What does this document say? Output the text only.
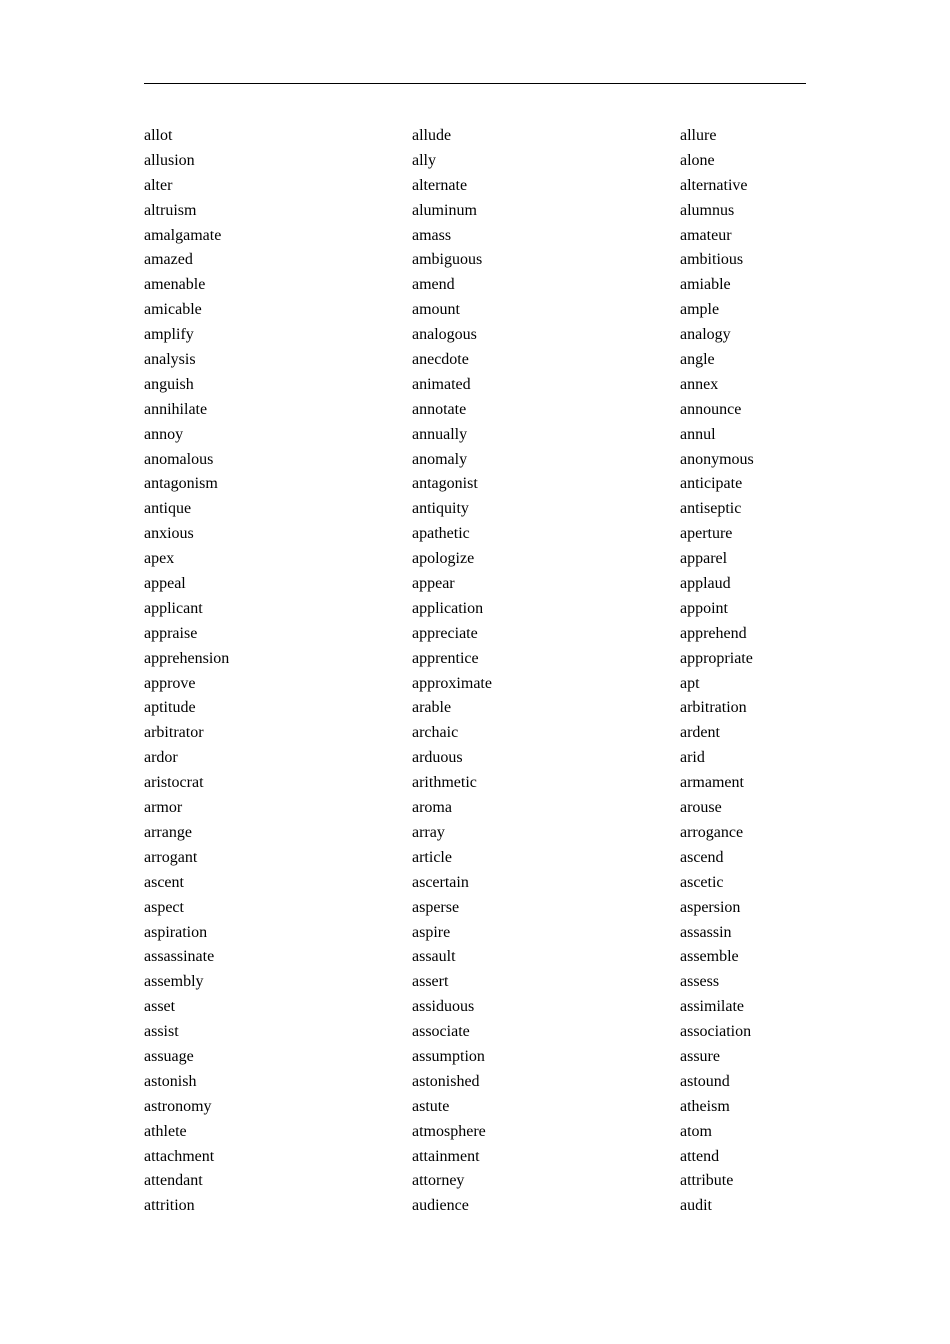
allot	allude	allure
allusion	ally	alone
alter	alternate	alternative
altruism	aluminum	alumnus
amalgamate	amass	amateur
amazed	ambiguous	ambitious
amenable	amend	amiable
amicable	amount	ample
amplify	analogous	analogy
analysis	anecdote	angle
anguish	animated	annex
annihilate	annotate	announce
annoy	annually	annul
anomalous	anomaly	anonymous
antagonism	antagonist	anticipate
antique	antiquity	antiseptic
anxious	apathetic	aperture
apex	apologize	apparel
appeal	appear	applaud
applicant	application	appoint
appraise	appreciate	apprehend
apprehension	apprentice	appropriate
approve	approximate	apt
aptitude	arable	arbitration
arbitrator	archaic	ardent
ardor	arduous	arid
aristocrat	arithmetic	armament
armor	aroma	arouse
arrange	array	arrogance
arrogant	article	ascend
ascent	ascertain	ascetic
aspect	asperse	aspersion
aspiration	aspire	assassin
assassinate	assault	assemble
assembly	assert	assess
asset	assiduous	assimilate
assist	associate	association
assuage	assumption	assure
astonish	astonished	astound
astronomy	astute	atheism
athlete	atmosphere	atom
attachment	attainment	attend
attendant	attorney	attribute
attrition	audience	audit
